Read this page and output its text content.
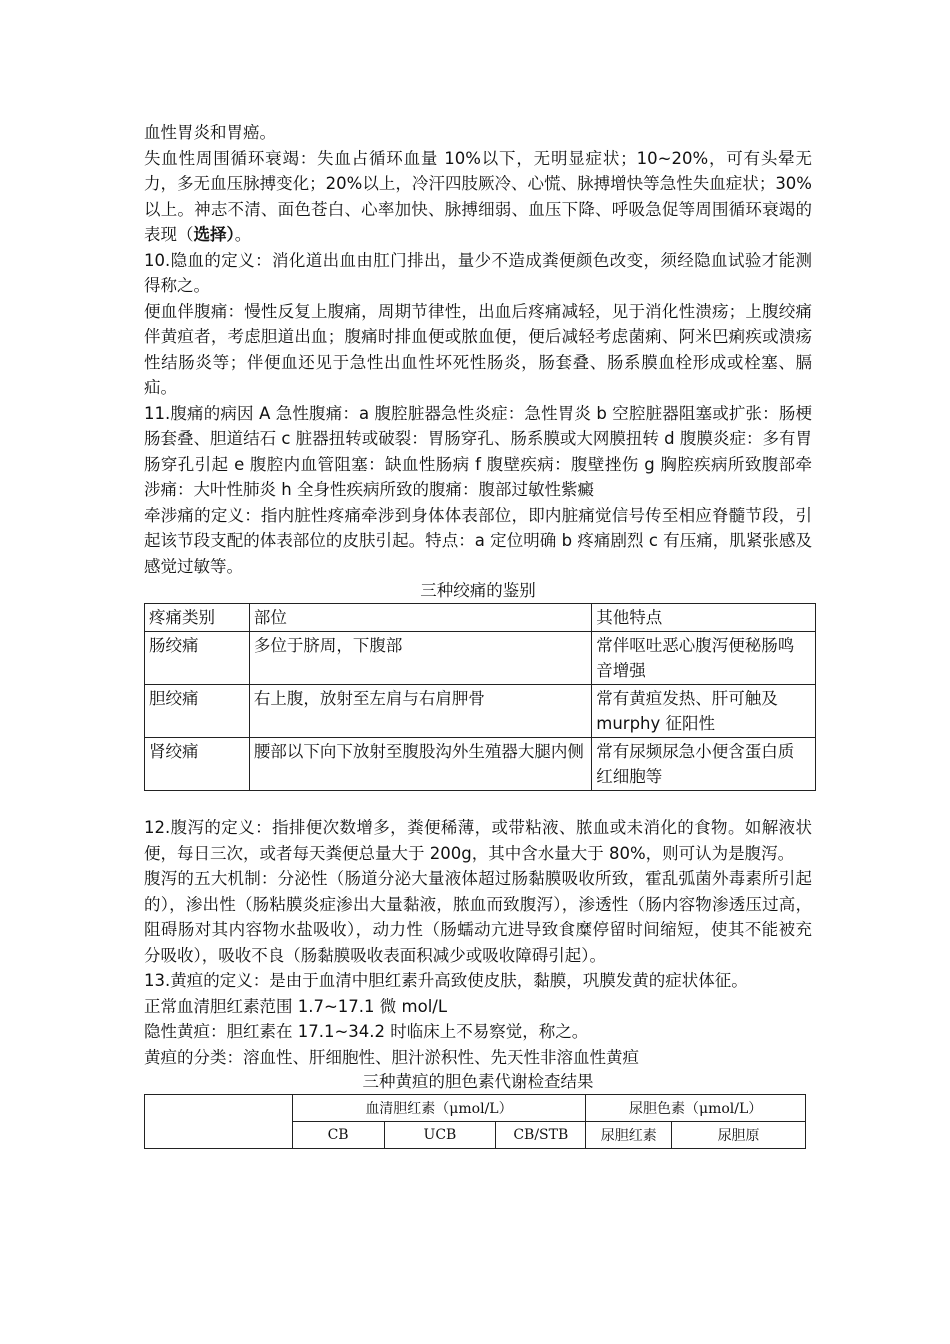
血性胃炎和胃癌。

失血性周围循环衰竭：失血占循环血量 10%以下，无明显症状；10~20%，可有头晕无力，多无血压脉搏变化；20%以上，冷汗四肢厥冷、心慌、脉搏增快等急性失血症状；30%以上。神志不清、面色苍白、心率加快、脉搏细弱、血压下降、呼吸急促等周围循环衰竭的表现（选择）。

10.隐血的定义：消化道出血由肛门排出，量少不造成粪便颜色改变，须经隐血试验才能测得称之。

便血伴腹痛：慢性反复上腹痛，周期节律性，出血后疼痛减轻，见于消化性溃疡；上腹绞痛伴黄疸者，考虑胆道出血；腹痛时排血便或脓血便，便后减轻考虑菌痢、阿米巴痢疾或溃疡性结肠炎等；伴便血还见于急性出血性坏死性肠炎，肠套叠、肠系膜血栓形成或栓塞、膈疝。

11.腹痛的病因 A 急性腹痛：a 腹腔脏器急性炎症：急性胃炎 b 空腔脏器阻塞或扩张：肠梗肠套叠、胆道结石 c 脏器扭转或破裂：胃肠穿孔、肠系膜或大网膜扭转 d 腹膜炎症：多有胃肠穿孔引起 e 腹腔内血管阻塞：缺血性肠病 f 腹壁疾病：腹壁挫伤 g 胸腔疾病所致腹部牵涉痛：大叶性肺炎 h 全身性疾病所致的腹痛：腹部过敏性紫癜

牵涉痛的定义：指内脏性疼痛牵涉到身体体表部位，即内脏痛觉信号传至相应脊髓节段，引起该节段支配的体表部位的皮肤引起。特点：a 定位明确 b 疼痛剧烈 c 有压痛，肌紧张感及感觉过敏等。

三种绞痛的鉴别

疼痛类别	部位	其他特点
肠绞痛	多位于脐周，下腹部	常伴呕吐恶心腹泻便秘肠鸣音增强
胆绞痛	右上腹，放射至左肩与右肩胛骨	常有黄疸发热、肝可触及 murphy 征阳性
肾绞痛	腰部以下向下放射至腹股沟外生殖器大腿内侧	常有尿频尿急小便含蛋白质红细胞等

12.腹泻的定义：指排便次数增多，粪便稀薄，或带粘液、脓血或未消化的食物。如解液状便，每日三次，或者每天粪便总量大于 200g，其中含水量大于 80%，则可认为是腹泻。

腹泻的五大机制：分泌性（肠道分泌大量液体超过肠黏膜吸收所致，霍乱弧菌外毒素所引起的），渗出性（肠粘膜炎症渗出大量黏液，脓血而致腹泻），渗透性（肠内容物渗透压过高，阻碍肠对其内容物水盐吸收），动力性（肠蠕动亢进导致食糜停留时间缩短，使其不能被充分吸收），吸收不良（肠黏膜吸收表面积减少或吸收障碍引起）。

13.黄疸的定义：是由于血清中胆红素升高致使皮肤，黏膜，巩膜发黄的症状体征。

正常血清胆红素范围 1.7~17.1 微 mol/L

隐性黄疸：胆红素在 17.1~34.2 时临床上不易察觉，称之。

黄疸的分类：溶血性、肝细胞性、胆汁淤积性、先天性非溶血性黄疸

三种黄疸的胆色素代谢检查结果

	血清胆红素（μmol/L）			尿胆色素（μmol/L）	
	CB	UCB	CB/STB	尿胆红素	尿胆原
